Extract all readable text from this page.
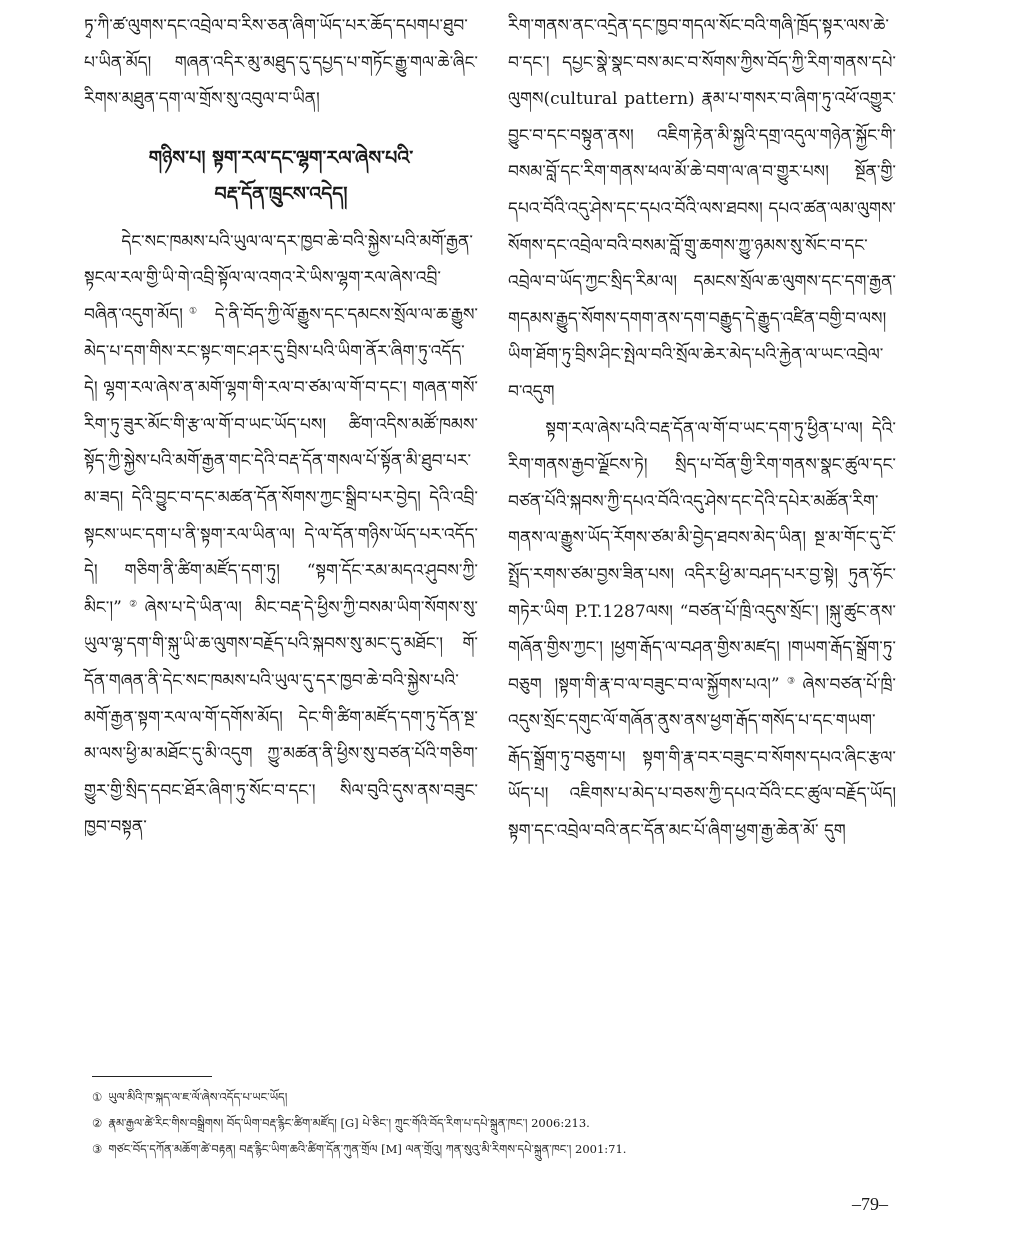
ཏྭ་ཀི་ཚ་ལུགས་དང་འབྲེལ་བ་རིས་ཅན་ཞིག་ཡོད་པར་ཆོད་དཔགཔ་ཐུབ་པ་ཡིན་མོད། གཞན་འདིར་མུ་མཐུད་དུ་དཔྱད་པ་གཏོང་རྒྱུ་གལ་ཆེ་ཞིང་རིགས་མཐུན་དག་ལ་གྲོས་སུ་འབུལ་བ་ཡིན།

གཉིས་པ། སྟག་རལ་དང་ལྷག་རལ་ཞེས་པའི་
བརྡ་དོན་ཁྲུངས་འདེད།

དེང་སང་ཁམས་པའི་ཡུལ་ལ་དར་ཁྱབ་ཆེ་བའི་སྐྱེས་པའི་མགོ་རྒྱན་སྟངལ་རལ་གྱི་ཡི་གེ་འབྲི་སྟོལ་ལ་འགའ་རེ་ཡིས་ལྷག་རལ་ཞེས་འབྲི་བཞིན་འདུག་མོད།① དེ་ནི་བོད་ཀྱི་ལོ་རྒྱུས་དང་དམངས་སྲོལ་ལ་ཆ་རྒྱུས་མེད་པ་དག་གིས་རང་སྟང་གང་ཤར་དུ་བྲིས་པའི་ཡིག་ནོར་ཞིག་ཏུ་འདོད་དེ། ལྷག་རལ་ཞེས་ན་མགོ་ལྷག་གི་རལ་བ་ཙམ་ལ་གོ་བ་དང་། གཞན་གསོ་རིག་ཏུ་ཟུར་མོང་གི་རྩ་ལ་གོ་བ་ཡང་ཡོད་པས། ཚིག་འདིས་མཚོ་ཁམས་སྟོད་ཀྱི་སྐྱེས་པའི་མགོ་རྒྱན་གང་དེའི་བརྡ་དོན་གསལ་པོ་སྟོན་མི་ཐུབ་པར་མ་ཟད། དེའི་བྱུང་བ་དང་མཚན་དོན་སོགས་ཀྱང་སྒྲིབ་པར་བྱེད། དེའི་འབྲི་སྟངས་ཡང་དག་པ་ནི་སྟག་རལ་ཡིན་ལ། དེ་ལ་དོན་གཉིས་ཡོད་པར་འདོད་དེ། གཅིག་ནི་ཚིག་མཛོད་དག་ཏུ། “སྟག་དོང་རམ་མདའ་ཤུབས་ཀྱི་མིང་།”②ཞེས་པ་དེ་ཡིན་ལ། མིང་བརྡ་དེ་ཕྱིས་ཀྱི་བསམ་ཡིག་སོགས་སུ་ཡུལ་ལྷ་དག་གི་སྐུ་ཡི་ཆ་ལུགས་བརྗོད་པའི་སྐབས་སུ་མང་དུ་མཐོང་། གོ་དོན་གཞན་ནི་དེང་སང་ཁམས་པའི་ཡུལ་དུ་དར་ཁྱབ་ཆེ་བའི་སྐྱེས་པའི་མགོ་རྒྱན་སྟག་རལ་ལ་གོ་དགོས་མོད། དེང་གི་ཚིག་མཛོད་དག་ཏུ་དོན་སྔ་མ་ལས་ཕྱི་མ་མཐོང་དུ་མི་འདུག ཀྱུ་མཚན་ནི་ཕྱིས་སུ་བཙན་པོའི་གཅིག་གྱུར་གྱི་སྲིད་དབང་ཐོར་ཞིག་ཏུ་སོང་བ་དང་། སིལ་བུའི་དུས་ནས་བཟུང་ཁྱབ་བསྟན་

རིག་གནས་ནང་འདྲེན་དང་ཁྱབ་གདལ་སོང་བའི་གཞི་ཁྲོད་སྟར་ལས་ཆེ་བ་དང་། དཔྱང་སྣེ་སྣང་བས་མང་བ་སོགས་ཀྱིས་བོད་ཀྱི་རིག་གནས་དཔེ་ལུགས(cultural pattern) རྣམ་པ་གསར་བ་ཞིག་ཏུ་འཕོ་འགྱུར་བྱུང་བ་དང་བསྟུན་ནས། འཇིག་རྟེན་མི་སྐྱའི་དགྲ་འདུལ་གཉེན་སྐྱོང་གི་བསམ་བློ་དང་རིག་གནས་ཕལ་མོ་ཆེ་བག་ལ་ཞ་བ་གྱུར་པས། སྔོན་གྱི་དཔའ་བོའི་འདུ་ཤེས་དང་དཔའ་བོའི་ལས་ཐབས། དཔའ་ཚན་ལམ་ལུགས་སོགས་དང་འབྲེལ་བའི་བསམ་བློ་གྲུ་ཆགས་ཀྱུ་ཉམས་སུ་སོང་བ་དང་འབྲེལ་བ་ཡོད་ཀྱང་སྲིད་རིམ་ལ། དམངས་སྲོལ་ཆ་ལུགས་དང་དག་རྒྱན་གདམས་རྒྱུད་སོགས་དགག་ནས་དག་བརྒྱུད་དེ་རྒྱུད་འཛིན་བགྱི་བ་ལས། ཡིག་ཐོག་ཏུ་བྲིས་ཤིང་སྤེལ་བའི་སྲོལ་ཆེར་མེད་པའི་རྐྱེན་ལ་ཡང་འབྲེལ་བ་འདུག

སྟག་རལ་ཞེས་པའི་བརྡ་དོན་ལ་གོ་བ་ཡང་དག་ཏུ་ཕྱིན་པ་ལ། དེའི་རིག་གནས་རྒྱབ་ལྗོངས་ཏེ། སྲིད་པ་བོན་གྱི་རིག་གནས་སྣང་ཚུལ་དང་བཙན་པོའི་སྐབས་ཀྱི་དཔའ་བོའི་འདུ་ཤེས་དང་དེའི་དཔེར་མཚོན་རིག་གནས་ལ་རྒྱུས་ཡོད་རོགས་ཙམ་མི་བྱེད་ཐབས་མེད་ཡིན། སྔ་མ་གོང་དུ་ངོ་སྤྲོད་རགས་ཙམ་བྱས་ཟིན་པས། འདིར་ཕྱི་མ་བཤད་པར་བྱ་སྟེ། ཏུན་ཧོང་གཏེར་ཡིག P.T.1287ལས། “བཙན་པོ་ཁྲི་འདུས་སྲོང་། །སྐུ་ཚུང་ནས་གཞོན་གྱིས་ཀྱང་། །ཕྱག་རྒོད་ལ་བཤན་གྱིས་མཛད། །གཡག་རྒོད་སྒྲོག་ཏུ་བཅུག །སྟག་གི་རྣ་བ་ལ་བཟུང་བ་ལ་སྐྱོགས་པའ།”③ཞེས་བཙན་པོ་ཁྲི་འདུས་སྲོང་དགུང་ལོ་གཞོན་ནུས་ནས་ཕྱག་རྒོད་གསོད་པ་དང་གཡག་རྒོད་སྒྲོག་ཏུ་བཅུག་པ། སྟག་གི་རྣ་བར་བཟུང་བ་སོགས་དཔའ་ཞིང་རྩལ་ཡོད་པ། འཇིགས་པ་མེད་པ་བཅས་ཀྱི་དཔའ་བོའི་ངང་ཚུལ་བརྗོད་ཡོད། སྟག་དང་འབྲེལ་བའི་ནང་དོན་མང་པོ་ཞིག་ཕྱག་རྒྱ་ཆེན་མོ་ དུག

① ཡུལ་མིའི་ཁ་སྐད་ལ་ཇ་ལོ་ཞེས་འདོད་པ་ཡང་ཡོད།
② རྣམ་རྒྱལ་ཚེ་རིང་གིས་བསྒྲིགས། བོད་ཡིག་བརྡ་རྙིང་ཚིག་མཛོད། [G] པེ་ཅིང་། ཀྲུང་གོའི་བོད་རིག་པ་དཔེ་སྐྲུན་ཁང་། 2006:213.
③ གཙང་བོད་དཀོན་མཆོག་ཚེ་བརྟན། བརྡ་རྙིང་ཡིག་ཆའི་ཚིག་དོན་ཀུན་གྲོལ [M] ལན་གྲོའུ། ཀན་སུའུ་མི་རིགས་དཔེ་སྐྲུན་ཁང་། 2001:71.
–79–
